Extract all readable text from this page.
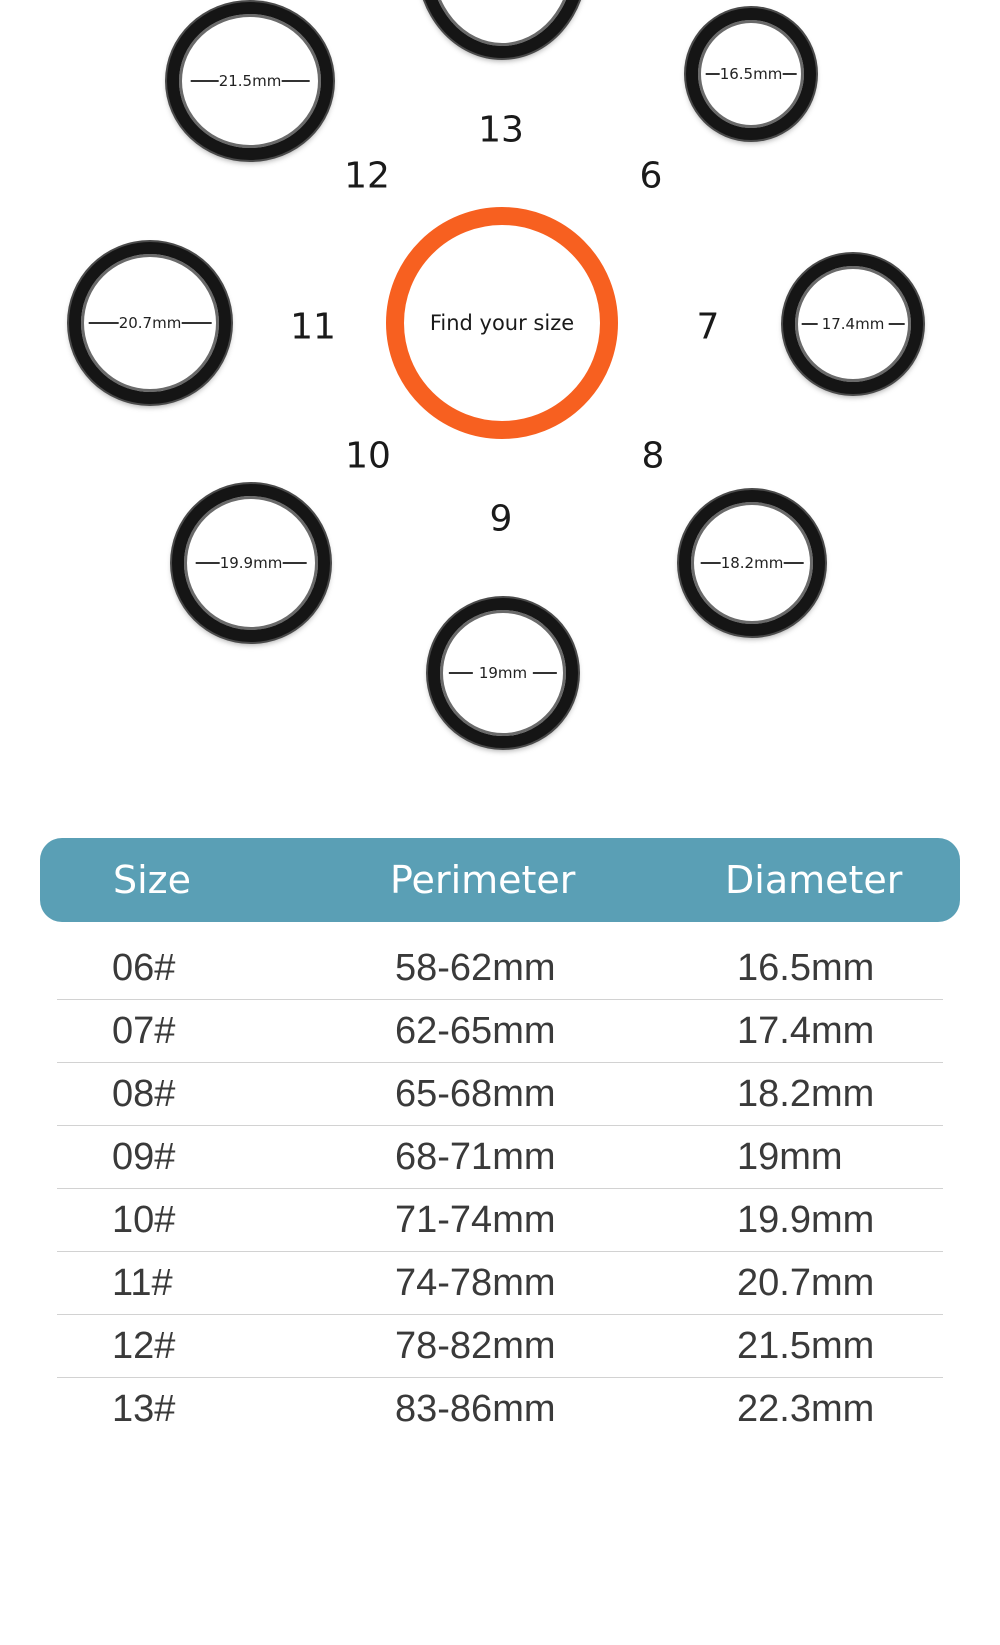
21.5mm	16.5mm
20.7mm	17.4mm
19.9mm	18.2mm
19mm
Find your size
13
12	6
11	7
10	8
9
Size	Perimeter	Diameter
06#	58-62mm	16.5mm
07#	62-65mm	17.4mm
08#	65-68mm	18.2mm
09#	68-71mm	19mm
10#	71-74mm	19.9mm
11#	74-78mm	20.7mm
12#	78-82mm	21.5mm
13#	83-86mm	22.3mm
